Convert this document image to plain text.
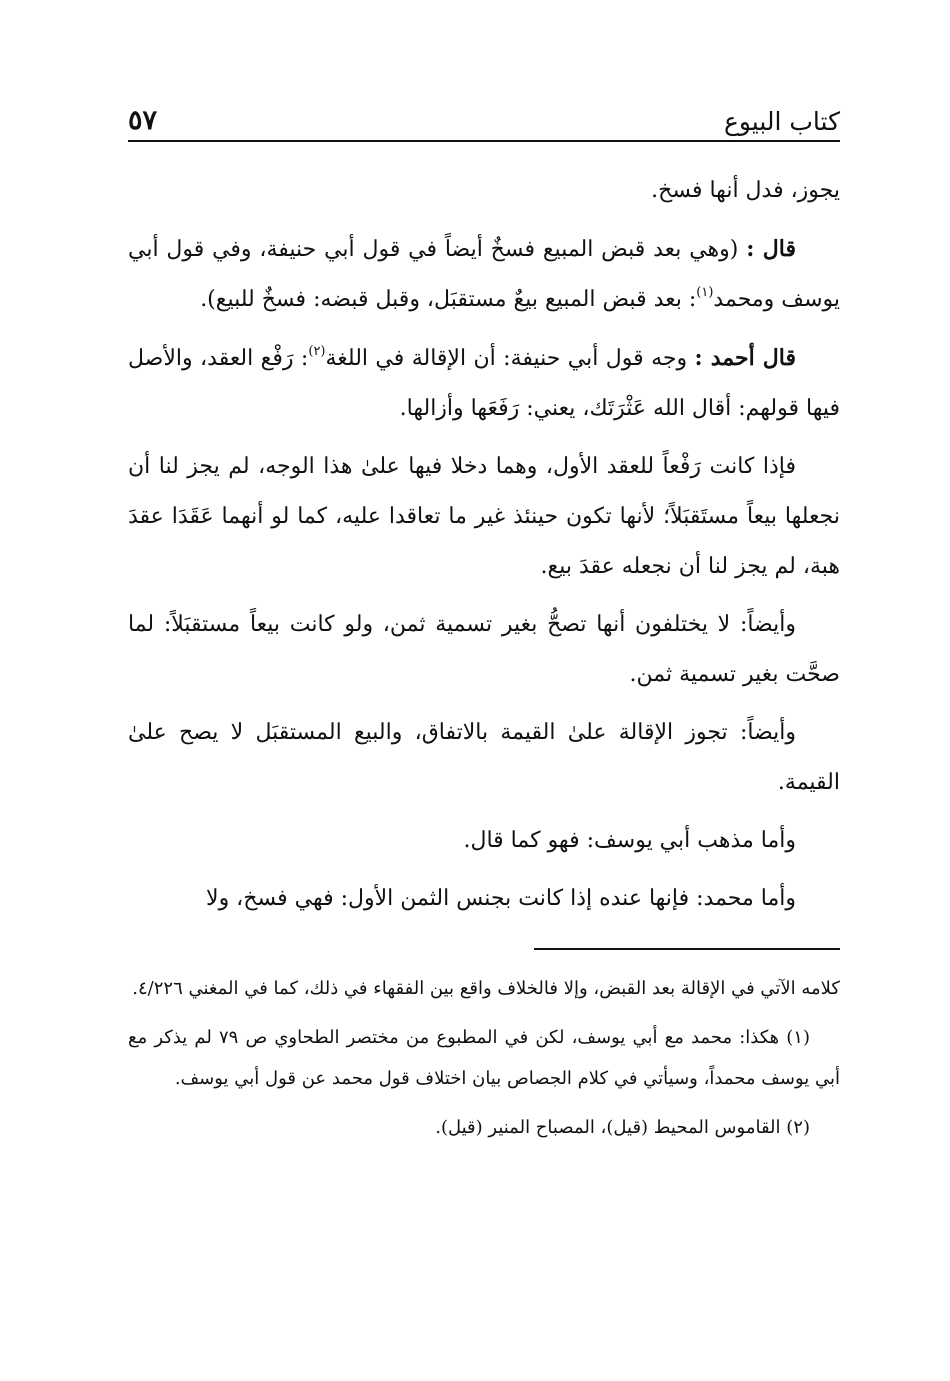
كتاب البيوع
٥٧

يجوز، فدل أنها فسخ.

قال : (وهي بعد قبض المبيع فسخٌ أيضاً في قول أبي حنيفة، وفي قول أبي يوسف ومحمد$^{(١)}$: بعد قبض المبيع بيعٌ مستقبَل، وقبل قبضه: فسخٌ للبيع).

قال أحمد : وجه قول أبي حنيفة: أن الإقالة في اللغة$^{(٢)}$: رَفْع العقد، والأصل فيها قولهم: أقال الله عَثْرَتَك، يعني: رَفَعَها وأزالها.

فإذا كانت رَفْعاً للعقد الأول، وهما دخلا فيها علىٰ هذا الوجه، لم يجز لنا أن نجعلها بيعاً مستَقبَلاً؛ لأنها تكون حينئذ غير ما تعاقدا عليه، كما لو أنهما عَقَدَا عقدَ هبة، لم يجز لنا أن نجعله عقدَ بيع.

وأيضاً: لا يختلفون أنها تصحُّ بغير تسمية ثمن، ولو كانت بيعاً مستقبَلاً: لما صحَّت بغير تسمية ثمن.

وأيضاً: تجوز الإقالة علىٰ القيمة بالاتفاق، والبيع المستقبَل لا يصح علىٰ القيمة.

وأما مذهب أبي يوسف: فهو كما قال.

وأما محمد: فإنها عنده إذا كانت بجنس الثمن الأول: فهي فسخ، ولا

كلامه الآتي في الإقالة بعد القبض، وإلا فالخلاف واقع بين الفقهاء في ذلك، كما في المغني ٤/٢٢٦.

(١) هكذا: محمد مع أبي يوسف، لكن في المطبوع من مختصر الطحاوي ص ٧٩ لم يذكر مع أبي يوسف محمداً، وسيأتي في كلام الجصاص بيان اختلاف قول محمد عن قول أبي يوسف.

(٢) القاموس المحيط (قيل)، المصباح المنير (قيل).
